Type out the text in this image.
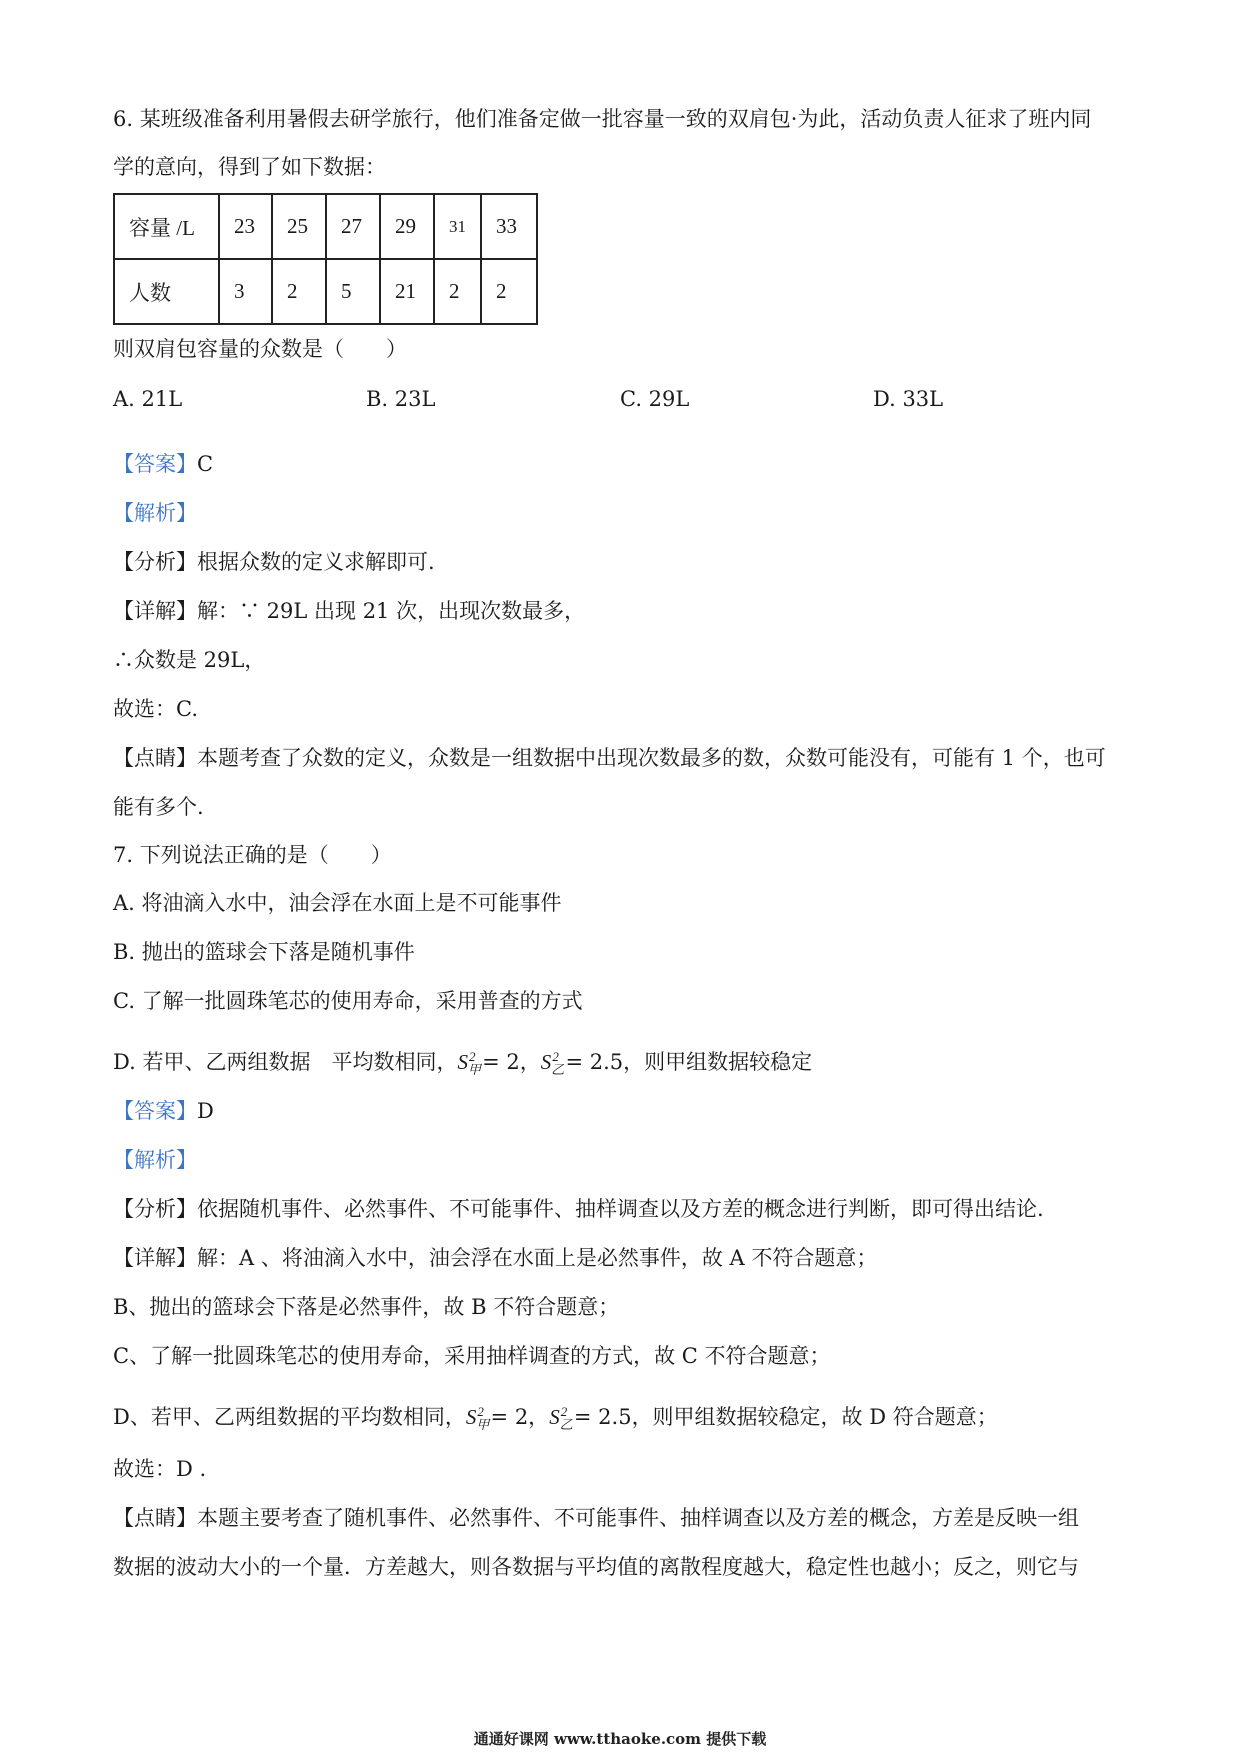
6. 某班级准备利用暑假去研学旅行，他们准备定做一批容量一致的双肩包·为此，活动负责人征求了班内同
学的意向，得到了如下数据：
容量 /L	23	25	27	29	31	33
人数	3	2	5	21	2	2
则双肩包容量的众数是（　　）
A. 21L	B. 23L	C. 29L	D. 33L
【答案】C
【解析】
【分析】根据众数的定义求解即可.
【详解】解：∵ 29L 出现 21 次，出现次数最多，
∴众数是 29L，
故选：C.
【点睛】本题考查了众数的定义，众数是一组数据中出现次数最多的数，众数可能没有，可能有 1 个，也可
能有多个.
7. 下列说法正确的是（　　）
A. 将油滴入水中，油会浮在水面上是不可能事件
B. 抛出的篮球会下落是随机事件
C. 了解一批圆珠笔芯的使用寿命，采用普查的方式
D. 若甲、乙两组数据　平均数相同，$S_甲^2 = 2$，$S_乙^2 = 2.5$，则甲组数据较稳定
【答案】D
【解析】
【分析】依据随机事件、必然事件、不可能事件、抽样调查以及方差的概念进行判断，即可得出结论.
【详解】解：A 、将油滴入水中，油会浮在水面上是必然事件，故 A 不符合题意；
B、抛出的篮球会下落是必然事件，故 B 不符合题意；
C、了解一批圆珠笔芯的使用寿命，采用抽样调查的方式，故 C 不符合题意；
D、若甲、乙两组数据的平均数相同，$S_甲^2 = 2$，$S_乙^2 = 2.5$，则甲组数据较稳定，故 D 符合题意；
故选：D .
【点睛】本题主要考查了随机事件、必然事件、不可能事件、抽样调查以及方差的概念，方差是反映一组
数据的波动大小的一个量．方差越大，则各数据与平均值的离散程度越大，稳定性也越小；反之，则它与
通通好课网 www.tthaoke.com 提供下载
